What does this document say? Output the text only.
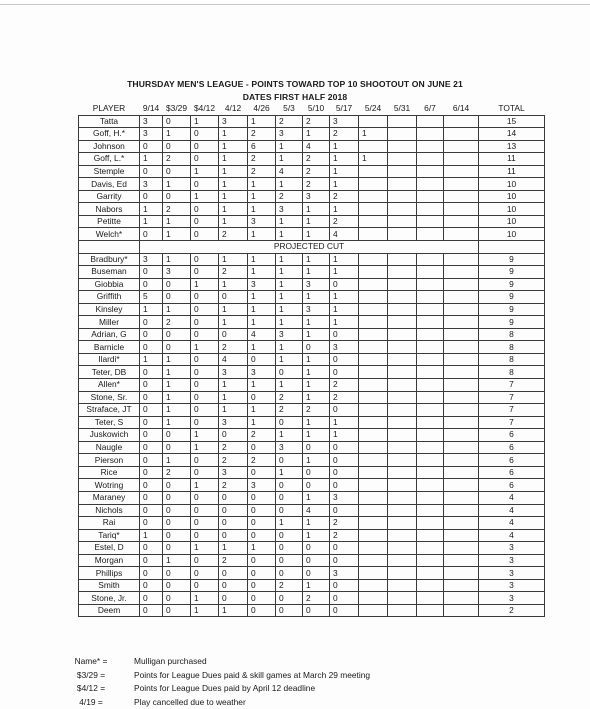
THURSDAY MEN'S LEAGUE - POINTS TOWARD TOP 10 SHOOTOUT ON JUNE 21
DATES FIRST HALF 2018
PLAYER	9/14	$3/29	$4/12	4/12	4/26	5/3	5/10	5/17	5/24	5/31	6/7	6/14	TOTAL
Tatta	3	0	1	3	1	2	2	3					15
Goff, H.*	3	1	0	1	2	3	1	2	1				14
Johnson	0	0	0	1	6	1	4	1					13
Goff, L.*	1	2	0	1	2	1	2	1	1				11
Stemple	0	0	1	1	2	4	2	1					11
Davis, Ed	3	1	0	1	1	1	2	1					10
Garrity	0	0	1	1	1	2	3	2					10
Nabors	1	2	0	1	1	3	1	1					10
Petitte	1	1	0	1	3	1	1	2					10
Welch*	0	1	0	2	1	1	1	4					10
	PROJECTED CUT												
Bradbury*	3	1	0	1	1	1	1	1					9
Buseman	0	3	0	2	1	1	1	1					9
Giobbia	0	0	1	1	3	1	3	0					9
Griffith	5	0	0	0	1	1	1	1					9
Kinsley	1	1	0	1	1	1	3	1					9
Miller	0	2	0	1	1	1	1	1					9
Adrian, G	0	0	0	0	4	3	1	0					8
Barnicle	0	0	1	2	1	1	0	3					8
Ilardi*	1	1	0	4	0	1	1	0					8
Teter, DB	0	1	0	3	3	0	1	0					8
Allen*	0	1	0	1	1	1	1	2					7
Stone, Sr.	0	1	0	1	0	2	1	2					7
Straface, JT	0	1	0	1	1	2	2	0					7
Teter, S	0	1	0	3	1	0	1	1					7
Juskowich	0	0	1	0	2	1	1	1					6
Naugle	0	0	1	2	0	3	0	0					6
Pierson	0	1	0	2	2	0	1	0					6
Rice	0	2	0	3	0	1	0	0					6
Wotring	0	0	1	2	3	0	0	0					6
Maraney	0	0	0	0	0	0	1	3					4
Nichols	0	0	0	0	0	0	4	0					4
Rai	0	0	0	0	0	1	1	2					4
Tariq*	1	0	0	0	0	0	1	2					4
Estel, D	0	0	1	1	1	0	0	0					3
Morgan	0	1	0	2	0	0	0	0					3
Phillips	0	0	0	0	0	0	0	3					3
Smith	0	0	0	0	0	2	1	0					3
Stone, Jr.	0	0	1	0	0	0	2	0					3
Deem	0	0	1	1	0	0	0	0					2
Name* =	Mulligan purchased
$3/29 =	Points for League Dues paid & skill games at March 29 meeting
$4/12 =	Points for League Dues paid by April 12 deadline
4/19 =	Play cancelled due to weather
